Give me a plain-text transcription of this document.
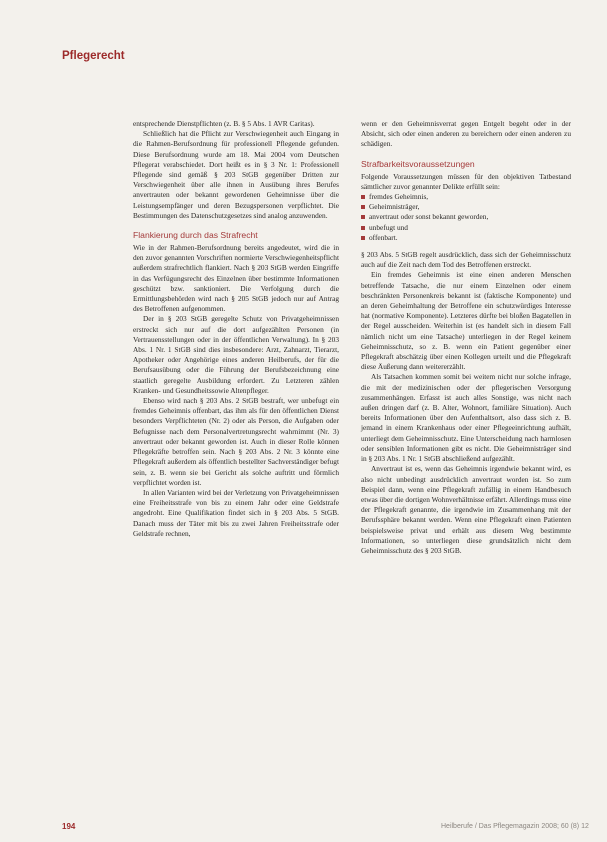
Pflegerecht

entsprechende Dienstpflichten (z. B. § 5 Abs. 1 AVR Caritas).

Schließlich hat die Pflicht zur Verschwiegenheit auch Eingang in die Rahmen-Berufsordnung für professionell Pflegende gefunden. Diese Berufsordnung wurde am 18. Mai 2004 vom Deutschen Pflegerat verabschiedet. Dort heißt es in § 3 Nr. 1: Professionell Pflegende sind gemäß § 203 StGB gegenüber Dritten zur Verschwiegenheit über alle ihnen in Ausübung ihres Berufes anvertrauten oder bekannt gewordenen Geheimnisse über die Leistungsempfänger und deren Bezugspersonen verpflichtet. Die Bestimmungen des Datenschutzgesetzes sind analog anzuwenden.

Flankierung durch das Strafrecht

Wie in der Rahmen-Berufsordnung bereits angedeutet, wird die in den zuvor genannten Vorschriften normierte Verschwiegenheitspflicht außerdem strafrechtlich flankiert. Nach § 203 StGB werden Eingriffe in das Verfügungsrecht des Einzelnen über bestimmte Informationen geschützt bzw. sanktioniert. Die Verfolgung durch die Ermittlungsbehörden wird nach § 205 StGB jedoch nur auf Antrag des Betroffenen aufgenommen.

Der in § 203 StGB geregelte Schutz von Privatgeheimnissen erstreckt sich nur auf die dort aufgezählten Personen (in Vertrauensstellungen oder in der öffentlichen Verwaltung). In § 203 Abs. 1 Nr. 1 StGB sind dies insbesondere: Arzt, Zahnarzt, Tierarzt, Apotheker oder Angehörige eines anderen Heilberufs, der für die Berufsausübung oder die Führung der Berufsbezeichnung eine staatlich geregelte Ausbildung erfordert. Zu Letzteren zählen Kranken- und Gesundheitssowie Altenpfleger.

Ebenso wird nach § 203 Abs. 2 StGB bestraft, wer unbefugt ein fremdes Geheimnis offenbart, das ihm als für den öffentlichen Dienst besonders Verpflichteten (Nr. 2) oder als Person, die Aufgaben oder Befugnisse nach dem Personalvertretungsrecht wahrnimmt (Nr. 3) anvertraut oder bekannt geworden ist. Auch in dieser Rolle können Pflegekräfte betroffen sein. Nach § 203 Abs. 2 Nr. 3 könnte eine Pflegekraft außerdem als öffentlich bestellter Sachverständiger befugt sein, z. B. wenn sie bei Gericht als solche auftritt und förmlich verpflichtet worden ist.

In allen Varianten wird bei der Verletzung von Privatgeheimnissen eine Freiheitsstrafe von bis zu einem Jahr oder eine Geldstrafe angedroht. Eine Qualifikation findet sich in § 203 Abs. 5 StGB. Danach muss der Täter mit bis zu zwei Jahren Freiheitsstrafe oder Geldstrafe rechnen,

wenn er den Geheimnisverrat gegen Entgelt begeht oder in der Absicht, sich oder einen anderen zu bereichern oder einen anderen zu schädigen.

Strafbarkeitsvoraussetzungen

Folgende Voraussetzungen müssen für den objektiven Tatbestand sämtlicher zuvor genannter Delikte erfüllt sein:

fremdes Geheimnis,
Geheimnisträger,
anvertraut oder sonst bekannt geworden,
unbefugt und
offenbart.

§ 203 Abs. 5 StGB regelt ausdrücklich, dass sich der Geheimnisschutz auch auf die Zeit nach dem Tod des Betroffenen erstreckt.

Ein fremdes Geheimnis ist eine einen anderen Menschen betreffende Tatsache, die nur einem Einzelnen oder einem beschränkten Personenkreis bekannt ist (faktische Komponente) und an deren Geheimhaltung der Betroffene ein schutzwürdiges Interesse hat (normative Komponente). Letzteres dürfte bei bloßen Bagatellen in der Regel ausscheiden. Weiterhin ist (es handelt sich in diesem Fall nämlich nicht um eine Tatsache) unterliegen in der Regel keinem Geheimnisschutz, so z. B. wenn ein Patient gegenüber einer Pflegekraft abschätzig über einen Kollegen urteilt und die Pflegekraft diese Äußerung dann weitererzählt.

Als Tatsachen kommen somit bei weitem nicht nur solche infrage, die mit der medizinischen oder der pflegerischen Versorgung zusammenhängen. Erfasst ist auch alles Sonstige, was nicht nach außen dringen darf (z. B. Alter, Wohnort, familiäre Situation). Auch bereits Informationen über den Aufenthaltsort, also dass sich z. B. jemand in einem Krankenhaus oder einer Pflegeeinrichtung aufhält, unterliegt dem Geheimnisschutz. Eine Unterscheidung nach harmlosen oder sensiblen Informationen gibt es nicht. Die Geheimnisträger sind in § 203 Abs. 1 Nr. 1 StGB abschließend aufgezählt.

Anvertraut ist es, wenn das Geheimnis irgendwie bekannt wird, es also nicht unbedingt ausdrücklich anvertraut worden ist. So zum Beispiel dann, wenn eine Pflegekraft zufällig in einem Handbesuch etwas über die dortigen Wohnverhältnisse erfährt. Allerdings muss eine der Pflegekraft genannte, die irgendwie im Zusammenhang mit der Berufssphäre bekannt werden. Wenn eine Pflegekraft einen Patienten beispielsweise privat und erhält aus diesem Weg bestimmte Informationen, so unterliegen diese grundsätzlich nicht dem Geheimnisschutz des § 203 StGB.

194	Heilberufe / Das Pflegemagazin 2008; 60 (8) 12
